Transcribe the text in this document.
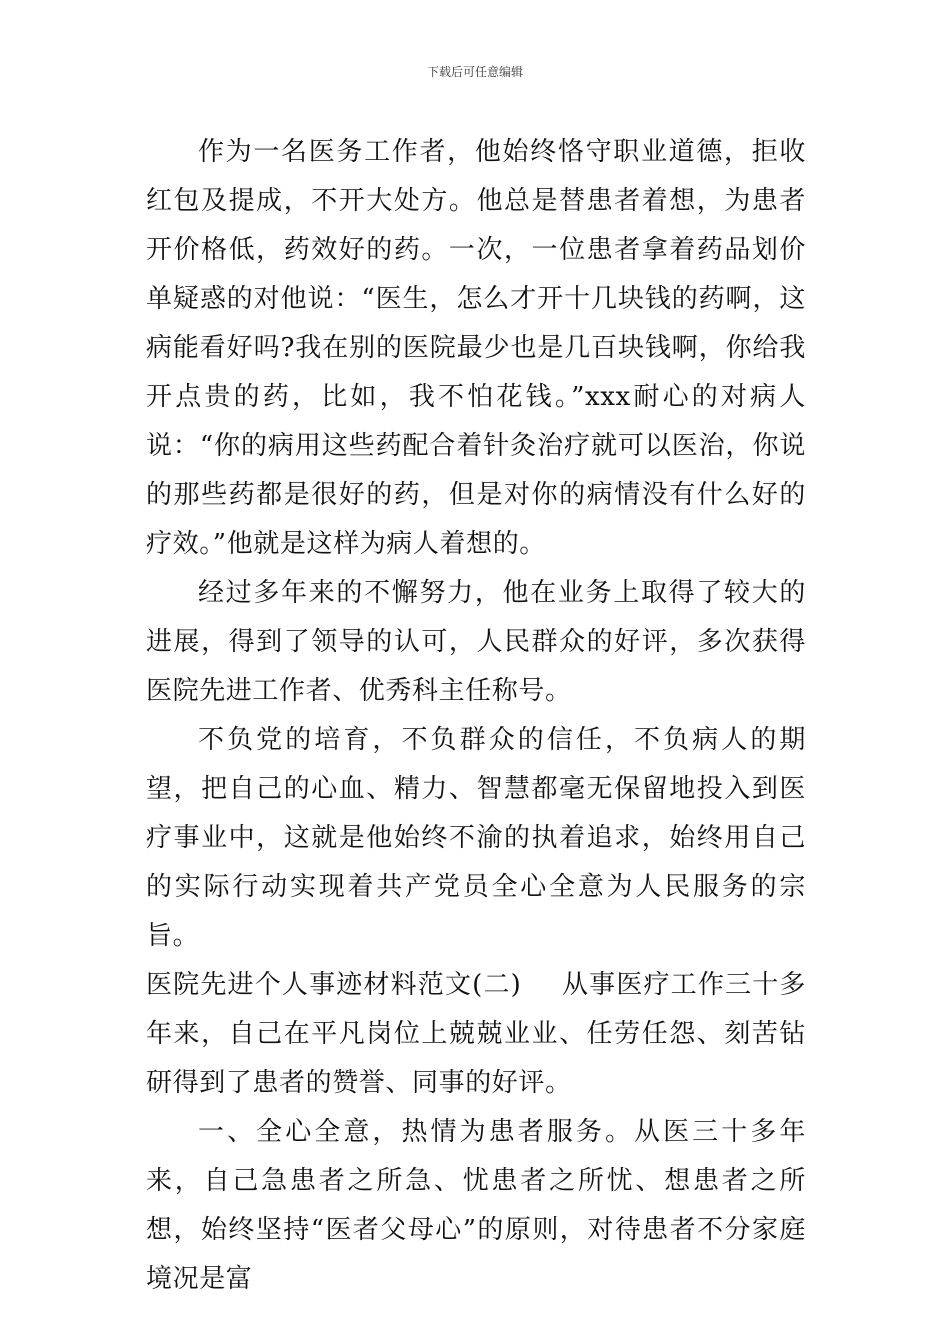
下载后可任意编辑

作为一名医务工作者，他始终恪守职业道德，拒收红包及提成，不开大处方。他总是替患者着想，为患者开价格低，药效好的药。一次，一位患者拿着药品划价单疑惑的对他说：“医生，怎么才开十几块钱的药啊，这病能看好吗?我在别的医院最少也是几百块钱啊，你给我开点贵的药，比如，我不怕花钱。”xxx耐心的对病人说：“你的病用这些药配合着针灸治疗就可以医治，你说的那些药都是很好的药，但是对你的病情没有什么好的疗效。”他就是这样为病人着想的。

经过多年来的不懈努力，他在业务上取得了较大的进展，得到了领导的认可，人民群众的好评，多次获得医院先进工作者、优秀科主任称号。

不负党的培育，不负群众的信任，不负病人的期望，把自己的心血、精力、智慧都毫无保留地投入到医疗事业中，这就是他始终不渝的执着追求，始终用自己的实际行动实现着共产党员全心全意为人民服务的宗旨。

医院先进个人事迹材料范文(二) 从事医疗工作三十多年来，自己在平凡岗位上兢兢业业、任劳任怨、刻苦钻研得到了患者的赞誉、同事的好评。

一、全心全意，热情为患者服务。从医三十多年来，自己急患者之所急、忧患者之所忧、想患者之所想，始终坚持“医者父母心”的原则，对待患者不分家庭境况是富
